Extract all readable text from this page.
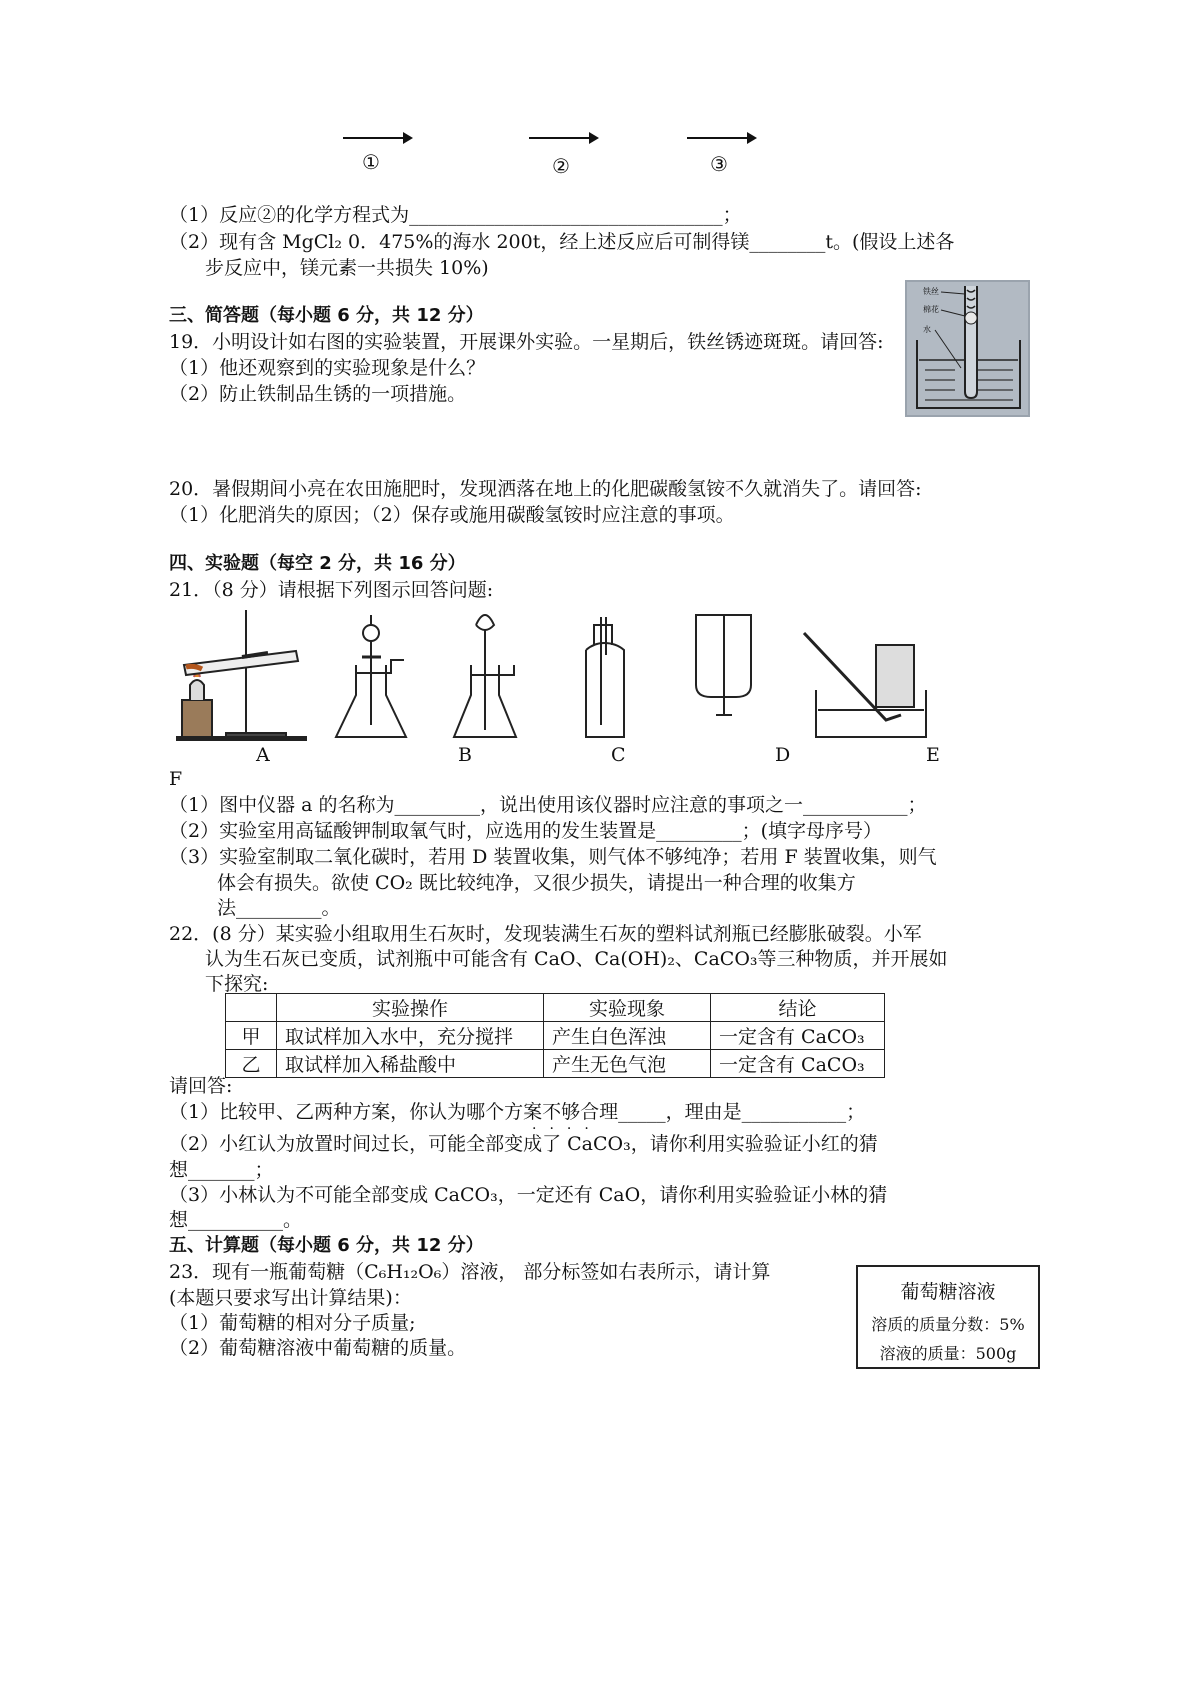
①	②	③
（1）反应②的化学方程式为_________________________________；
（2）现有含 MgCl₂ 0．475%的海水 200t，经上述反应后可制得镁________t。(假设上述各
步反应中，镁元素一共损失 10%)
三、简答题（每小题 6 分，共 12 分）
19．小明设计如右图的实验装置，开展课外实验。一星期后，铁丝锈迹斑斑。请回答:
（1）他还观察到的实验现象是什么？
（2）防止铁制品生锈的一项措施。
铁丝
棉花
水
20．暑假期间小亮在农田施肥时，发现洒落在地上的化肥碳酸氢铵不久就消失了。请回答:
（1）化肥消失的原因；（2）保存或施用碳酸氢铵时应注意的事项。
四、实验题（每空 2 分，共 16 分）
21．（8 分）请根据下列图示回答问题:
A	B	C	D	E
F
（1）图中仪器 a 的名称为_________，说出使用该仪器时应注意的事项之一___________；
（2）实验室用高锰酸钾制取氧气时，应选用的发生装置是_________；(填字母序号）
（3）实验室制取二氧化碳时，若用 D 装置收集，则气体不够纯净；若用 F 装置收集，则气
体会有损失。欲使 CO₂ 既比较纯净，又很少损失，请提出一种合理的收集方
法_________。
22．(8 分）某实验小组取用生石灰时，发现装满生石灰的塑料试剂瓶已经膨胀破裂。小军
认为生石灰已变质，试剂瓶中可能含有 CaO、Ca(OH)₂、CaCO₃等三种物质，并开展如
下探究:
	实验操作	实验现象	结论
甲	取试样加入水中，充分搅拌	产生白色浑浊	一定含有 CaCO₃
乙	取试样加入稀盐酸中	产生无色气泡	一定含有 CaCO₃
请回答:
（1）比较甲、乙两种方案，你认为哪个方案不够合理_____，理由是___________；
·​·​·​·
（2）小红认为放置时间过长，可能全部变成了 CaCO₃，请你利用实验验证小红的猜
想_______；
（3）小林认为不可能全部变成 CaCO₃，一定还有 CaO，请你利用实验验证小林的猜
想__________。
五、计算题（每小题 6 分，共 12 分）
23．现有一瓶葡萄糖（C₆H₁₂O₆）溶液， 部分标签如右表所示，请计算
(本题只要求写出计算结果)：
（1）葡萄糖的相对分子质量;
（2）葡萄糖溶液中葡萄糖的质量。
葡萄糖溶液
溶质的质量分数：5%
溶液的质量：500g
